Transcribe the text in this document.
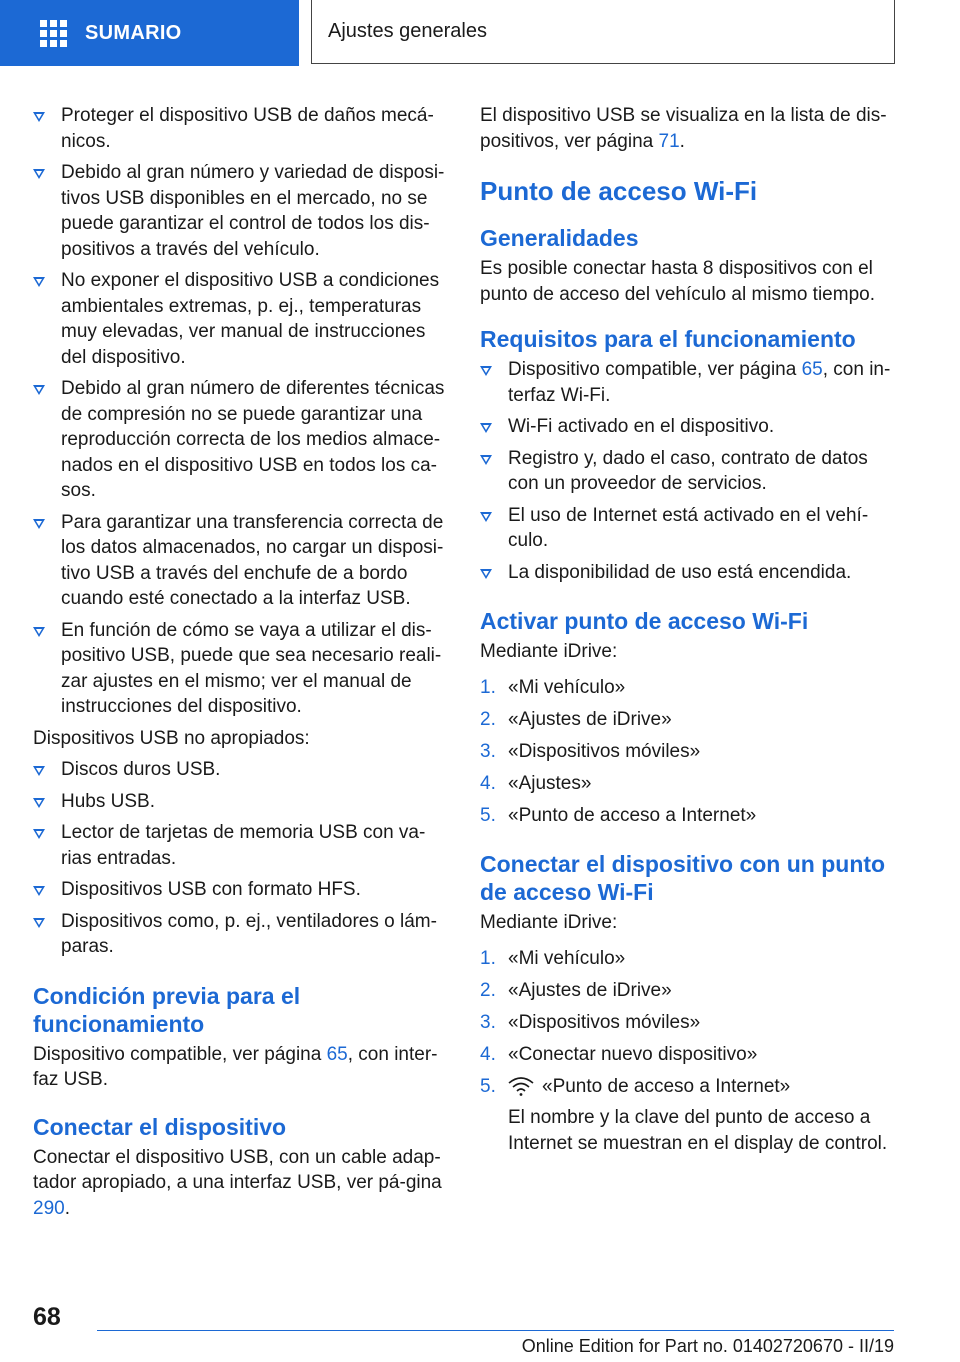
SUMARIO	Ajustes generales
Proteger el dispositivo USB de daños mecá‐nicos.
Debido al gran número y variedad de disposi‐tivos USB disponibles en el mercado, no se puede garantizar el control de todos los dis‐positivos a través del vehículo.
No exponer el dispositivo USB a condiciones ambientales extremas, p. ej., temperaturas muy elevadas, ver manual de instrucciones del dispositivo.
Debido al gran número de diferentes técnicas de compresión no se puede garantizar una reproducción correcta de los medios almace‐nados en el dispositivo USB en todos los ca‐sos.
Para garantizar una transferencia correcta de los datos almacenados, no cargar un disposi‐tivo USB a través del enchufe de a bordo cuando esté conectado a la interfaz USB.
En función de cómo se vaya a utilizar el dis‐positivo USB, puede que sea necesario reali‐zar ajustes en el mismo; ver el manual de instrucciones del dispositivo.

Dispositivos USB no apropiados:

Discos duros USB.
Hubs USB.
Lector de tarjetas de memoria USB con va‐rias entradas.
Dispositivos USB con formato HFS.
Dispositivos como, p. ej., ventiladores o lám‐paras.
Condición previa para el funcionamiento

Dispositivo compatible, ver página 65, con inter‐faz USB.

Conectar el dispositivo

Conectar el dispositivo USB, con un cable adap‐tador apropiado, a una interfaz USB, ver pá‐gina 290.

El dispositivo USB se visualiza en la lista de dis‐positivos, ver página 71.

Punto de acceso Wi-Fi
Generalidades

Es posible conectar hasta 8 dispositivos con el punto de acceso del vehículo al mismo tiempo.

Requisitos para el funcionamiento
Dispositivo compatible, ver página 65, con in‐terfaz Wi-Fi.
Wi-Fi activado en el dispositivo.
Registro y, dado el caso, contrato de datos con un proveedor de servicios.
El uso de Internet está activado en el vehí‐culo.
La disponibilidad de uso está encendida.
Activar punto de acceso Wi-Fi

Mediante iDrive:

1. «Mi vehículo»
2. «Ajustes de iDrive»
3. «Dispositivos móviles»
4. «Ajustes»
5. «Punto de acceso a Internet»
Conectar el dispositivo con un punto de acceso Wi-Fi

Mediante iDrive:

1. «Mi vehículo»
2. «Ajustes de iDrive»
3. «Dispositivos móviles»
4. «Conectar nuevo dispositivo»
5. «Punto de acceso a Internet»
El nombre y la clave del punto de acceso a Internet se muestran en el display de control.
68
Online Edition for Part no. 01402720670 - II/19
